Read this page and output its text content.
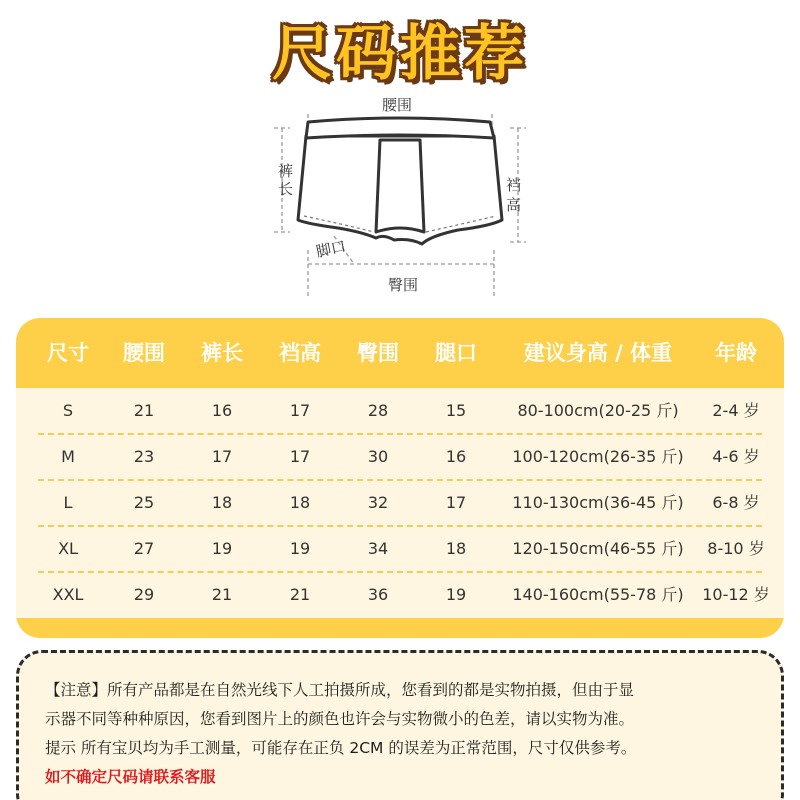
尺码推荐
腰围
裤
长	裆
高
脚口
臀围
尺寸	腰围	裤长	裆高	臀围	腿口	建议身高 / 体重	年龄
S	21	16	17	28	15	80-100cm(20-25 斤)	2-4 岁
M	23	17	17	30	16	100-120cm(26-35 斤)	4-6 岁
L	25	18	18	32	17	110-130cm(36-45 斤)	6-8 岁
XL	27	19	19	34	18	120-150cm(46-55 斤)	8-10 岁
XXL	29	21	21	36	19	140-160cm(55-78 斤)	10-12 岁
【注意】所有产品都是在自然光线下人工拍摄所成，您看到的都是实物拍摄，但由于显
示器不同等种种原因，您看到图片上的颜色也许会与实物微小的色差，请以实物为准。
提示 所有宝贝均为手工测量，可能存在正负 2CM 的误差为正常范围，尺寸仅供参考。
如不确定尺码请联系客服
